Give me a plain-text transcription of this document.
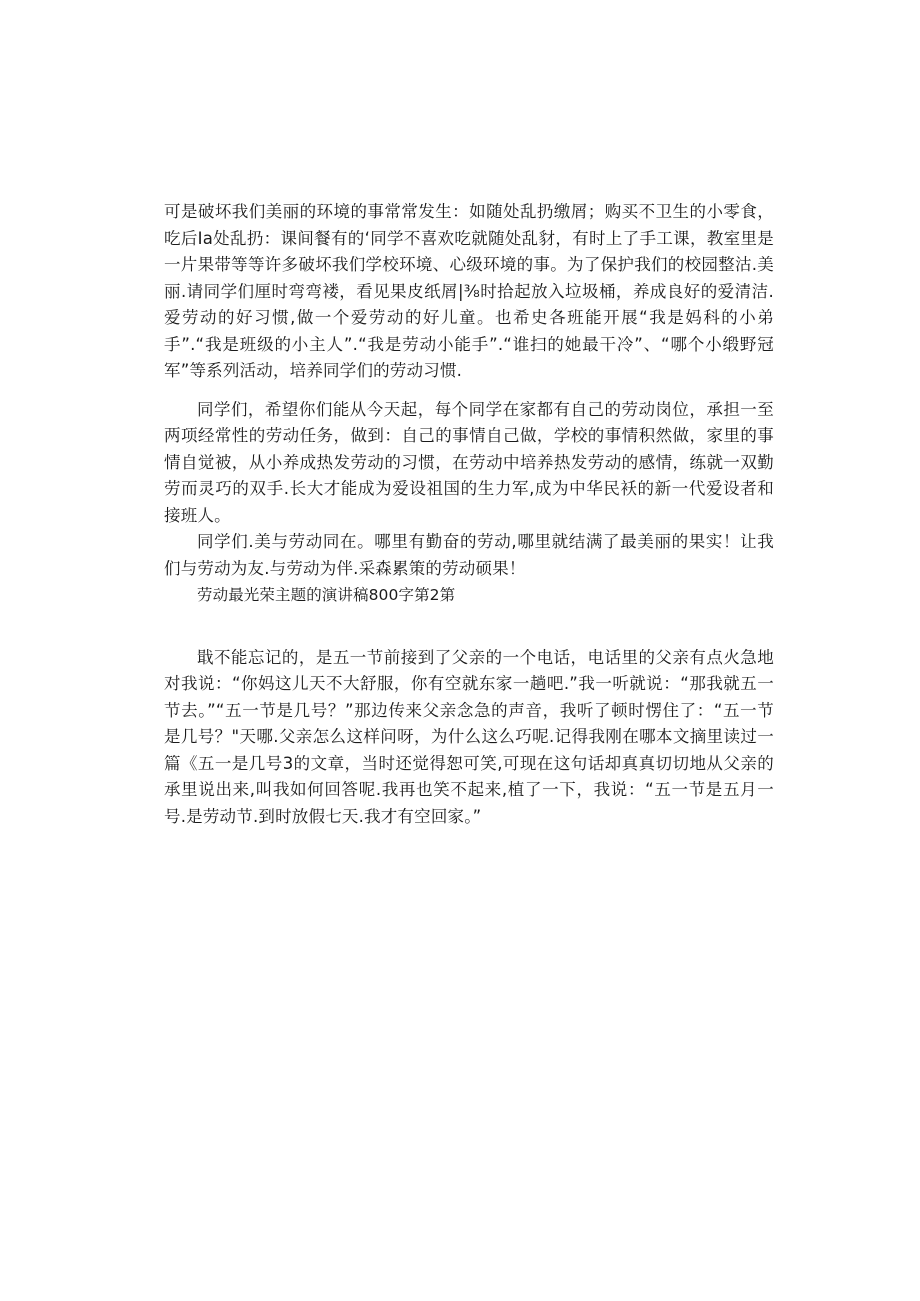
可是破坏我们美丽的环境的事常常发生：如随处乱扔缴屑；购买不卫生的小零食，吃后Ia处乱扔：课间餐有的‘同学不喜欢吃就随处乱豺，有时上了手工课，教室里是一片果带等等许多破坏我们学校环境、心级环境的事。为了保护我们的校园整沽.美丽.请同学们厘时弯弯褛，看见果皮纸屑|⅜时拾起放入垃圾桶，养成良好的爱清洁.爱劳动的好习惯,做一个爱劳动的好儿童。也希史各班能开展“我是妈科的小弟手”.“我是班级的小主人”.“我是劳动小能手”.“谁扫的她最干冷”、“哪个小缎野冠军”等系列活动，培养同学们的劳动习惯.

同学们，希望你们能从今天起，每个同学在家都有自己的劳动岗位，承担一至两项经常性的劳动任务，做到：自己的事情自己做，学校的事情积然做，家里的事情自觉被，从小养成热发劳动的习惯，在劳动中培养热发劳动的感情，练就一双勤劳而灵巧的双手.长大才能成为爱设祖国的生力军,成为中华民袄的新一代爱设者和接班人。

同学们.美与劳动同在。哪里有勤奋的劳动,哪里就结满了最美丽的果实！让我们与劳动为友.与劳动为伴.采森累策的劳动硕果！

劳动最光荣主题的演讲稿800字第2第

戢不能忘记的，是五一节前接到了父亲的一个电话，电话里的父亲有点火急地对我说：“你妈这儿天不大舒服，你有空就东家一趟吧.”我一听就说：“那我就五一节去。”“五一节是几号？”那边传来父亲念急的声音，我听了顿时愣住了：“五一节是几号？"天哪.父亲怎么这样问呀，为什么这么巧呢.记得我刚在哪本文摘里读过一篇《五一是几号3的文章，当时还觉得恕可笑,可现在这句话却真真切切地从父亲的承里说出来,叫我如何回答呢.我再也笑不起来,植了一下，我说：“五一节是五月一号.是劳动节.到时放假七天.我才有空回家。”
